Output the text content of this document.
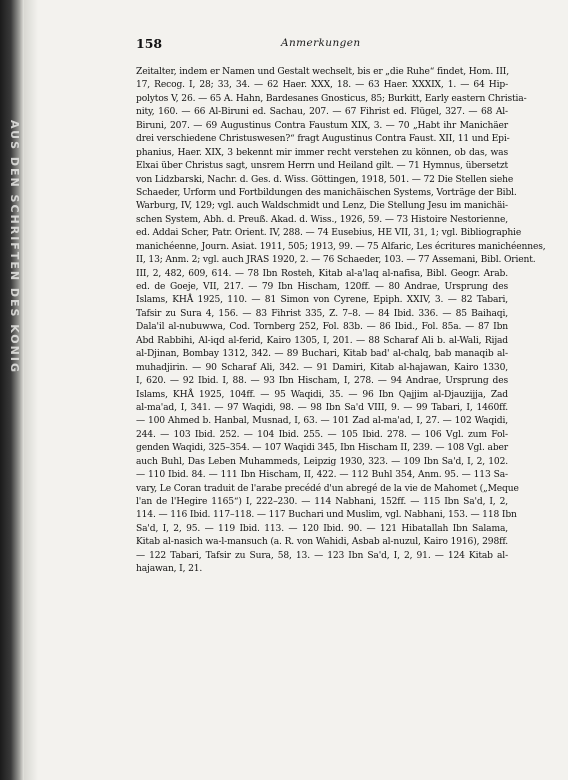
AUS DEN SCHRIFTEN DES KONIG
158	Anmerkungen
Zeitalter, indem er Namen und Gestalt wechselt, bis er „die Ruhe“ findet, Hom. III,
17, Recog. I, 28; 33, 34. — 62 Haer. XXX, 18. — 63 Haer. XXXIX, 1. — 64 Hip-
polytos V, 26. — 65 A. Hahn, Bardesanes Gnosticus, 85; Burkitt, Early eastern Christia-
nity, 160. — 66 Al-Biruni ed. Sachau, 207. — 67 Fihrist ed. Flügel, 327. — 68 Al-
Biruni, 207. — 69 Augustinus Contra Faustum XIX, 3. — 70 „Habt ihr Manichäer
drei verschiedene Christuswesen?“ fragt Augustinus Contra Faust. XII, 11 und Epi-
phanius, Haer. XIX, 3 bekennt mir immer recht verstehen zu können, ob das, was
Elxai über Christus sagt, unsrem Herrn und Heiland gilt. — 71 Hymnus, übersetzt
von Lidzbarski, Nachr. d. Ges. d. Wiss. Göttingen, 1918, 501. — 72 Die Stellen siehe
Schaeder, Urform und Fortbildungen des manichäischen Systems, Vorträge der Bibl.
Warburg, IV, 129; vgl. auch Waldschmidt und Lenz, Die Stellung Jesu im manichäi-
schen System, Abh. d. Preuß. Akad. d. Wiss., 1926, 59. — 73 Histoire Nestorienne,
ed. Addai Scher, Patr. Orient. IV, 288. — 74 Eusebius, HE VII, 31, 1; vgl. Bibliographie
manichéenne, Journ. Asiat. 1911, 505; 1913, 99. — 75 Alfaric, Les écritures manichéennes,
II, 13; Anm. 2; vgl. auch JRAS 1920, 2. — 76 Schaeder, 103. — 77 Assemani, Bibl. Orient.
III, 2, 482, 609, 614. — 78 Ibn Rosteh, Kitab al-a'laq al-nafisa, Bibl. Geogr. Arab.
ed. de Goeje, VII, 217. — 79 Ibn Hischam, 120ff. — 80 Andrae, Ursprung des
Islams, KHÅ 1925, 110. — 81 Simon von Cyrene, Epiph. XXIV, 3. — 82 Tabari,
Tafsir zu Sura 4, 156. — 83 Fihrist 335, Z. 7–8. — 84 Ibid. 336. — 85 Baihaqi,
Dala'il al-nubuwwa, Cod. Tornberg 252, Fol. 83b. — 86 Ibid., Fol. 85a. — 87 Ibn
Abd Rabbihi, Al-iqd al-ferid, Kairo 1305, I, 201. — 88 Scharaf Ali b. al-Wali, Rijad
al-Djinan, Bombay 1312, 342. — 89 Buchari, Kitab bad' al-chalq, bab manaqib al-
muhadjirin. — 90 Scharaf Ali, 342. — 91 Damiri, Kitab al-hajawan, Kairo 1330,
I, 620. — 92 Ibid. I, 88. — 93 Ibn Hischam, I, 278. — 94 Andrae, Ursprung des
Islams, KHÅ 1925, 104ff. — 95 Waqidi, 35. — 96 Ibn Qajjim al-Djauzijja, Zad
al-ma'ad, I, 341. — 97 Waqidi, 98. — 98 Ibn Sa'd VIII, 9. — 99 Tabari, I, 1460ff.
— 100 Ahmed b. Hanbal, Musnad, I, 63. — 101 Zad al-ma'ad, I, 27. — 102 Waqidi,
244. — 103 Ibid. 252. — 104 Ibid. 255. — 105 Ibid. 278. — 106 Vgl. zum Fol-
genden Waqidi, 325–354. — 107 Waqidi 345, Ibn Hischam II, 239. — 108 Vgl. aber
auch Buhl, Das Leben Muhammeds, Leipzig 1930, 323. — 109 Ibn Sa'd, I, 2, 102.
— 110 Ibid. 84. — 111 Ibn Hischam, II, 422. — 112 Buhl 354, Anm. 95. — 113 Sa-
vary, Le Coran traduit de l'arabe precédé d'un abregé de la vie de Mahomet („Meque
l'an de l'Hegire 1165“) I, 222–230. — 114 Nabhani, 152ff. — 115 Ibn Sa'd, I, 2,
114. — 116 Ibid. 117–118. — 117 Buchari und Muslim, vgl. Nabhani, 153. — 118 Ibn
Sa'd, I, 2, 95. — 119 Ibid. 113. — 120 Ibid. 90. — 121 Hibatallah Ibn Salama,
Kitab al-nasich wa-l-mansuch (a. R. von Wahidi, Asbab al-nuzul, Kairo 1916), 298ff.
— 122 Tabari, Tafsir zu Sura, 58, 13. — 123 Ibn Sa'd, I, 2, 91. — 124 Kitab al-
hajawan, I, 21.
